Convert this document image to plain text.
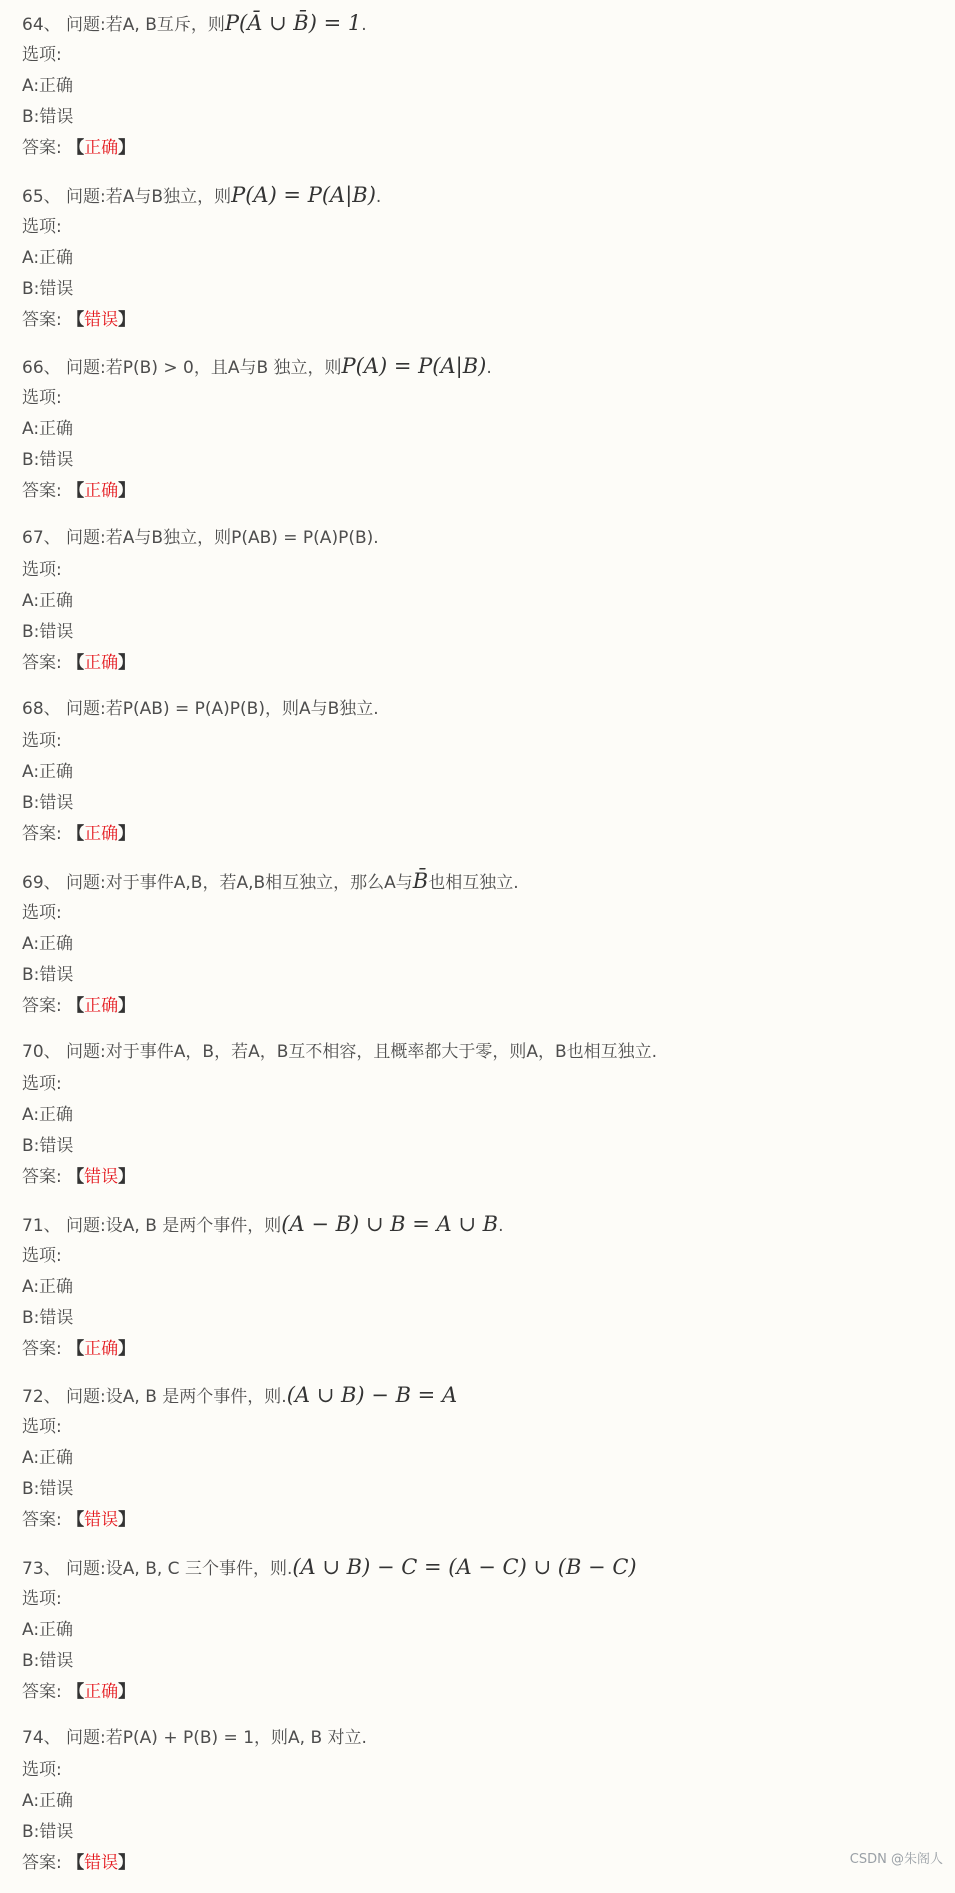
64、 问题:若A, B互斥，则P(Ā ∪ B̄) = 1.
选项:
A:正确
B:错误
答案: 【正确】
65、 问题:若A与B独立，则P(A) = P(A|B).
选项:
A:正确
B:错误
答案: 【错误】
66、 问题:若P(B) > 0，且A与B 独立，则P(A) = P(A|B).
选项:
A:正确
B:错误
答案: 【正确】
67、 问题:若A与B独立，则P(AB) = P(A)P(B).
选项:
A:正确
B:错误
答案: 【正确】
68、 问题:若P(AB) = P(A)P(B)，则A与B独立.
选项:
A:正确
B:错误
答案: 【正确】
69、 问题:对于事件A,B，若A,B相互独立，那么A与B̄也相互独立.
选项:
A:正确
B:错误
答案: 【正确】
70、 问题:对于事件A，B，若A，B互不相容，且概率都大于零，则A，B也相互独立.
选项:
A:正确
B:错误
答案: 【错误】
71、 问题:设A, B 是两个事件，则(A − B) ∪ B = A ∪ B.
选项:
A:正确
B:错误
答案: 【正确】
72、 问题:设A, B 是两个事件，则.(A ∪ B) − B = A
选项:
A:正确
B:错误
答案: 【错误】
73、 问题:设A, B, C 三个事件，则.(A ∪ B) − C = (A − C) ∪ (B − C)
选项:
A:正确
B:错误
答案: 【正确】
74、 问题:若P(A) + P(B) = 1，则A, B 对立.
选项:
A:正确
B:错误
答案: 【错误】	CSDN @朱阁人
